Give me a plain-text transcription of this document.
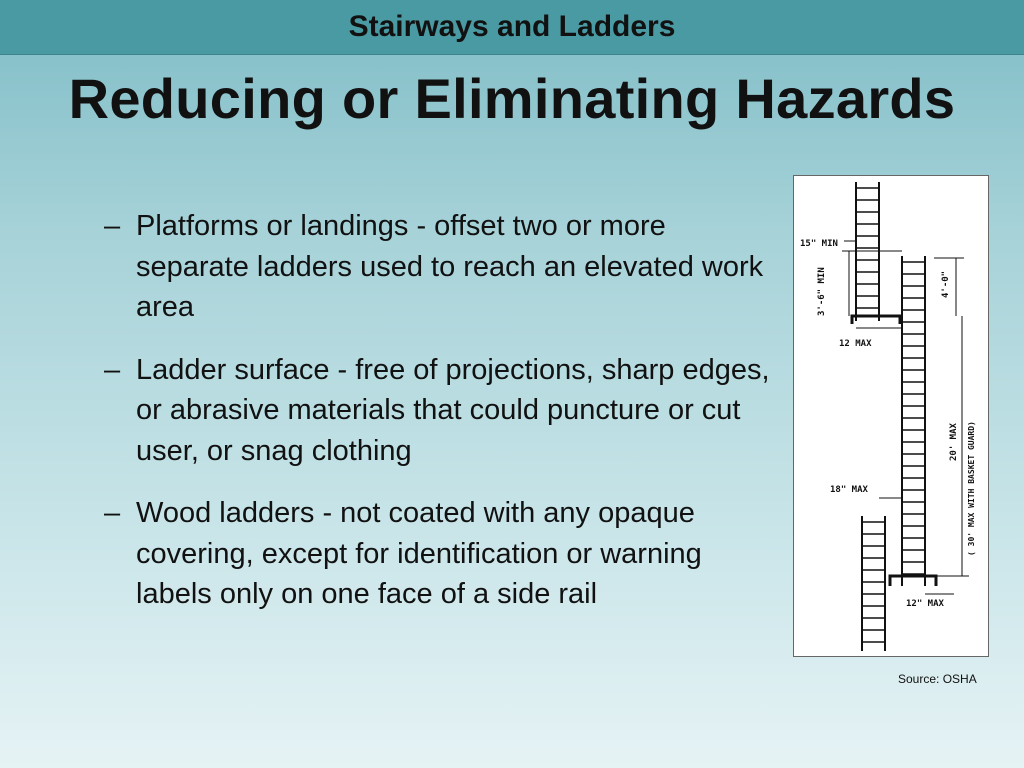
Stairways and Ladders
Reducing or Eliminating Hazards
– Platforms or landings - offset two or more separate ladders used to reach an elevated work area
– Ladder surface - free of projections, sharp edges, or abrasive materials that could puncture or cut user, or snag clothing
– Wood ladders - not coated with any opaque covering, except for identification or warning labels only on one face of a side rail
15" MIN
3'-6" MIN	4'-0"
12 MAX
20' MAX ( 30' MAX WITH BASKET GUARD)
18" MAX
12" MAX
Source: OSHA
